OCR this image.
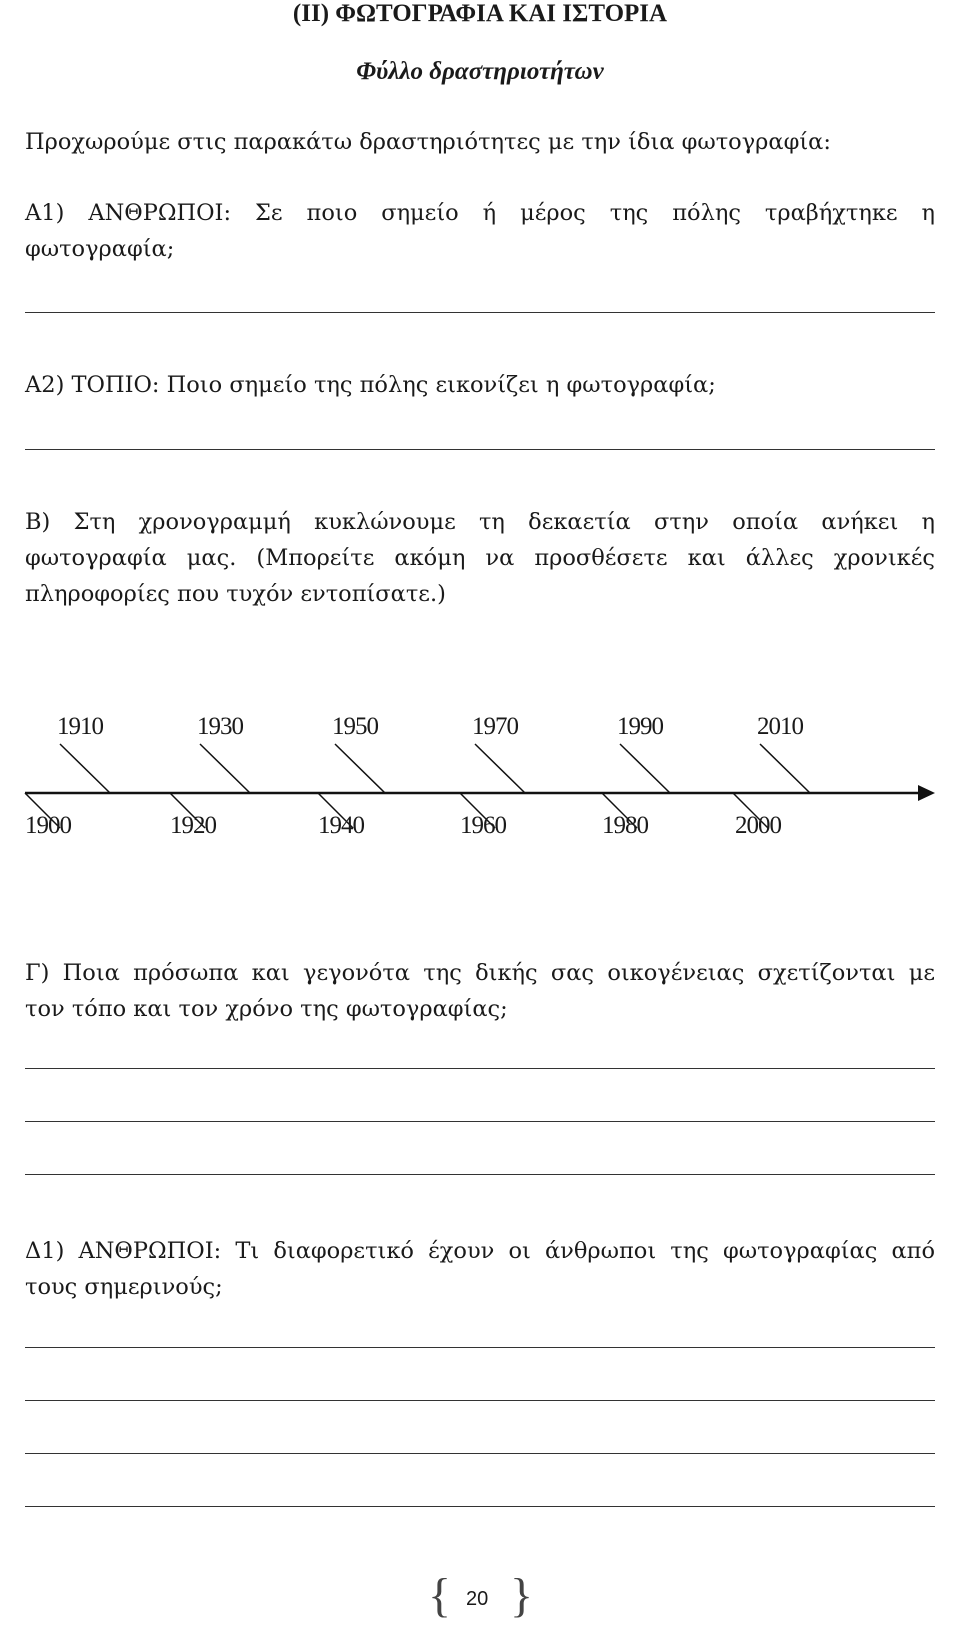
(II) ΦΩΤΟΓΡΑΦΙΑ ΚΑΙ ΙΣΤΟΡΙΑ
Φύλλο δραστηριοτήτων
Προχωρούμε στις παρακάτω δραστηριότητες με την ίδια φωτογραφία:
Α1) ΑΝΘΡΩΠΟΙ: Σε ποιο σημείο ή μέρος της πόλης τραβήχτηκε η
φωτογραφία;
Α2) ΤΟΠΙΟ: Ποιο σημείο της πόλης εικονίζει η φωτογραφία;
Β) Στη χρονογραμμή κυκλώνουμε τη δεκαετία στην οποία ανήκει η
φωτογραφία μας. (Μπορείτε ακόμη να προσθέσετε και άλλες χρονικές
πληροφορίες που τυχόν εντοπίσατε.)
1910	1930	1950	1970	1990	2010
1900	1920	1940	1960	1980	2000
Γ) Ποια πρόσωπα και γεγονότα της δικής σας οικογένειας σχετίζονται με
τον τόπο και τον χρόνο της φωτογραφίας;
Δ1) ΑΝΘΡΩΠΟΙ: Τι διαφορετικό έχουν οι άνθρωποι της φωτογραφίας από
τους σημερινούς;
{ 20 }
